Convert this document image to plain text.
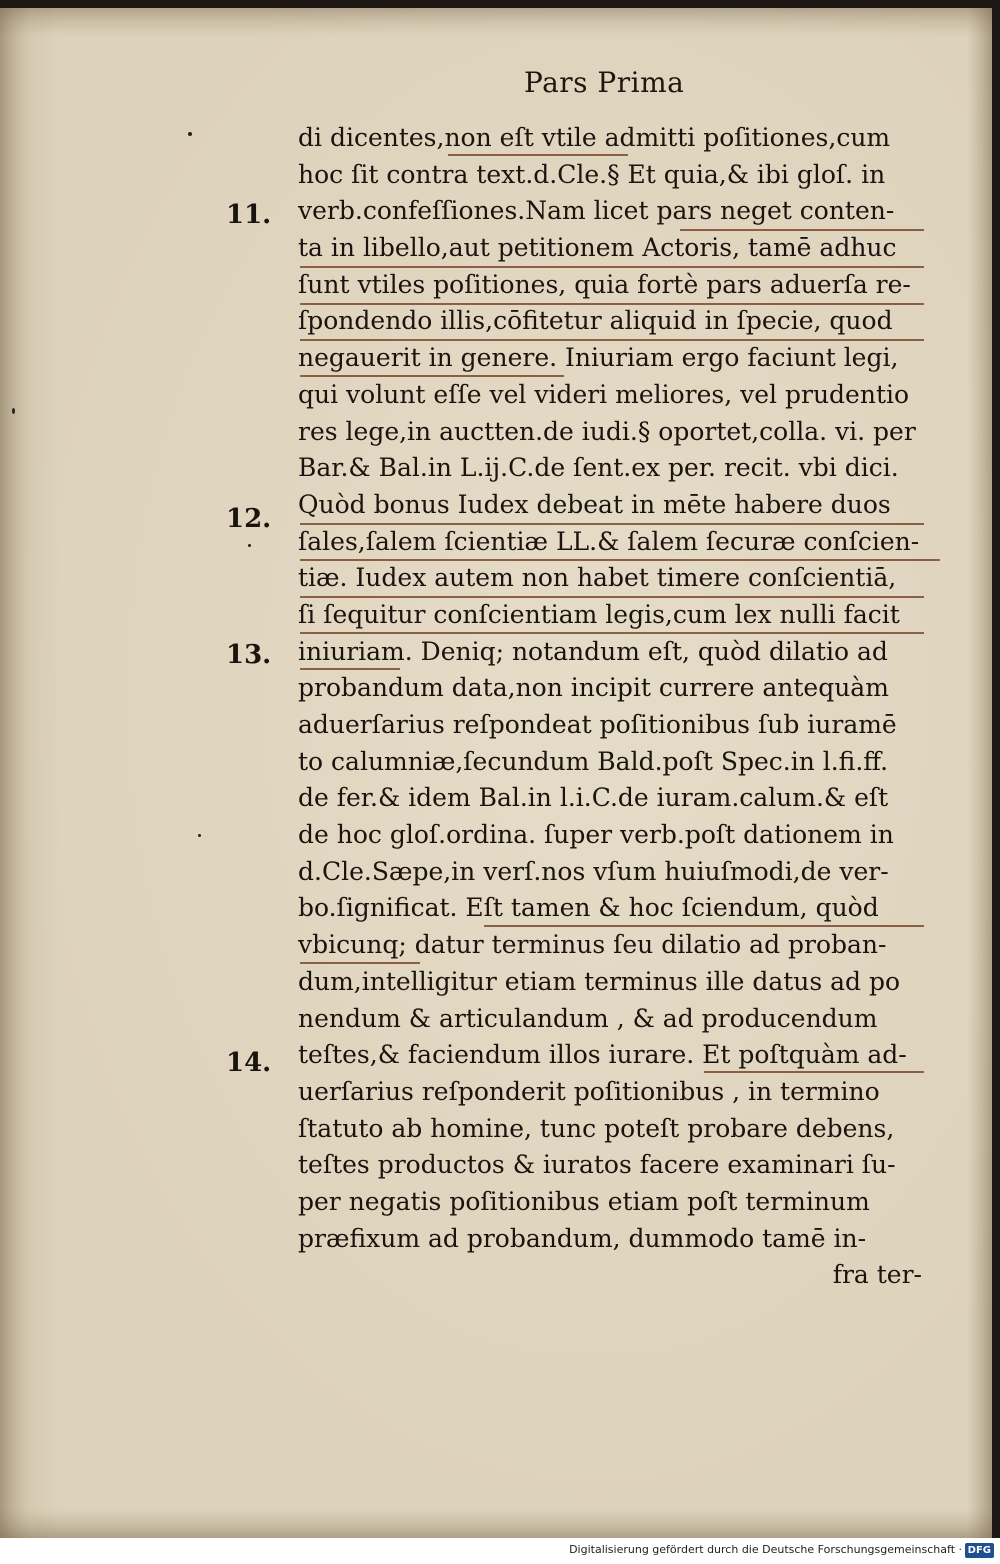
Pars Prima
11.
12.
13.
14.
di dicentes,non eſt vtile admitti poſitiones,cum
hoc ſit contra text.d.Cle.§ Et quia,& ibi gloſ. in
verb.confeſſiones.Nam licet pars neget conten-
ta in libello,aut petitionem Actoris, tamē adhuc
ſunt vtiles poſitiones, quia fortè pars aduerſa re-
ſpondendo illis,cōfitetur aliquid in ſpecie, quod
negauerit in genere. Iniuriam ergo faciunt legi,
qui volunt eſſe vel videri meliores, vel prudentio
res lege,in auctten.de iudi.§ oportet,colla. vi. per
Bar.& Bal.in L.ij.C.de ſent.ex per. recit. vbi dici.
Quòd bonus Iudex debeat in mēte habere duos
ſales,ſalem ſcientiæ LL.& ſalem ſecuræ conſcien-
tiæ. Iudex autem non habet timere conſcientiā,
ſi ſequitur conſcientiam legis,cum lex nulli facit
iniuriam. Deniq; notandum eſt, quòd dilatio ad
probandum data,non incipit currere antequàm
aduerſarius reſpondeat poſitionibus ſub iuramē
to calumniæ,ſecundum Bald.poſt Spec.in l.fi.ff.
de fer.& idem Bal.in l.i.C.de iuram.calum.& eſt
de hoc gloſ.ordina. ſuper verb.poſt dationem in
d.Cle.Sæpe,in verſ.nos vſum huiuſmodi,de ver-
bo.ſignificat. Eſt tamen & hoc ſciendum, quòd
vbicunq; datur terminus ſeu dilatio ad proban-
dum,intelligitur etiam terminus ille datus ad po
nendum & articulandum , & ad producendum
teſtes,& faciendum illos iurare. Et poſtquàm ad-
uerſarius reſponderit poſitionibus , in termino
ſtatuto ab homine, tunc poteſt probare debens,
teſtes productos & iuratos facere examinari ſu-
per negatis poſitionibus etiam poſt terminum
præfixum ad probandum, dummodo tamē in-
fra ter-
Digitalisierung gefördert durch die Deutsche Forschungsgemeinschaft · DFG
